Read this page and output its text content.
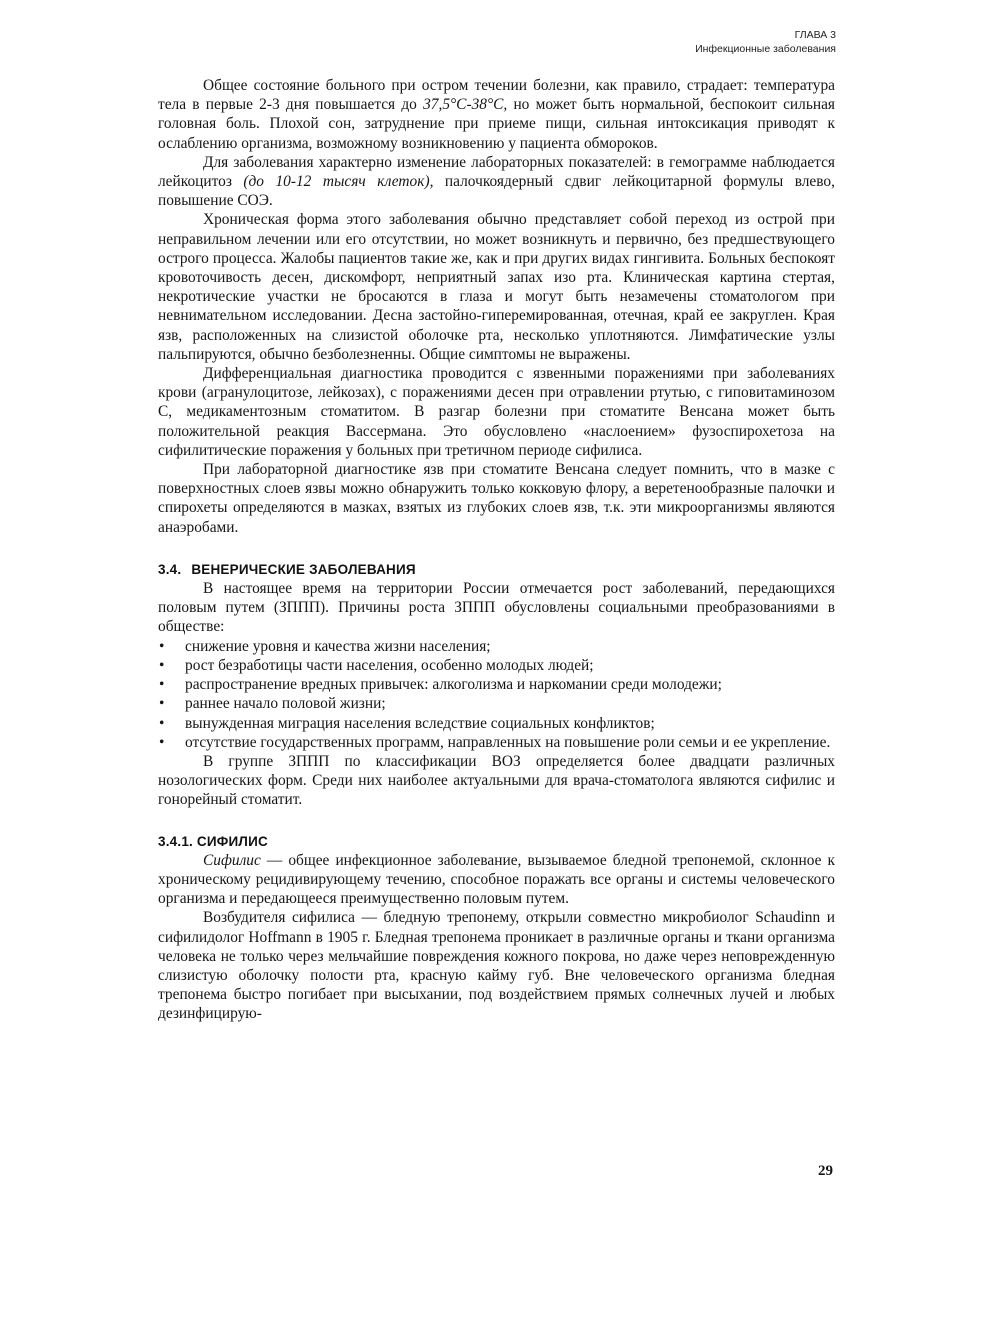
ГЛАВА 3
Инфекционные заболевания

Общее состояние больного при остром течении болезни, как правило, страдает: температура тела в первые 2-3 дня повышается до 37,5°С-38°С, но может быть нормальной, беспокоит сильная головная боль. Плохой сон, затруднение при приеме пищи, сильная интоксикация приводят к ослаблению организма, возможному возникновению у пациента обмороков.

Для заболевания характерно изменение лабораторных показателей: в гемограмме наблюдается лейкоцитоз (до 10-12 тысяч клеток), палочкоядерный сдвиг лейкоцитарной формулы влево, повышение СОЭ.

Хроническая форма этого заболевания обычно представляет собой переход из острой при неправильном лечении или его отсутствии, но может возникнуть и первично, без предшествующего острого процесса. Жалобы пациентов такие же, как и при других видах гингивита. Больных беспокоят кровоточивость десен, дискомфорт, неприятный запах изо рта. Клиническая картина стертая, некротические участки не бросаются в глаза и могут быть незамечены стоматологом при невнимательном исследовании. Десна застойно-гиперемированная, отечная, край ее закруглен. Края язв, расположенных на слизистой оболочке рта, несколько уплотняются. Лимфатические узлы пальпируются, обычно безболезненны. Общие симптомы не выражены.

Дифференциальная диагностика проводится с язвенными поражениями при заболеваниях крови (агранулоцитозе, лейкозах), с поражениями десен при отравлении ртутью, с гиповитаминозом С, медикаментозным стоматитом. В разгар болезни при стоматите Венсана может быть положительной реакция Вассермана. Это обусловлено «наслоением» фузоспирохетоза на сифилитические поражения у больных при третичном периоде сифилиса.

При лабораторной диагностике язв при стоматите Венсана следует помнить, что в мазке с поверхностных слоев язвы можно обнаружить только кокковую флору, а веретенообразные палочки и спирохеты определяются в мазках, взятых из глубоких слоев язв, т.к. эти микроорганизмы являются анаэробами.

3.4. ВЕНЕРИЧЕСКИЕ ЗАБОЛЕВАНИЯ

В настоящее время на территории России отмечается рост заболеваний, передающихся половым путем (ЗППП). Причины роста ЗППП обусловлены социальными преобразованиями в обществе:

• снижение уровня и качества жизни населения;
• рост безработицы части населения, особенно молодых людей;
• распространение вредных привычек: алкоголизма и наркомании среди молодежи;
• раннее начало половой жизни;
• вынужденная миграция населения вследствие социальных конфликтов;
• отсутствие государственных программ, направленных на повышение роли семьи и ее укрепление.

В группе ЗППП по классификации ВОЗ определяется более двадцати различных нозологических форм. Среди них наиболее актуальными для врача-стоматолога являются сифилис и гонорейный стоматит.

3.4.1. СИФИЛИС

Сифилис — общее инфекционное заболевание, вызываемое бледной трепонемой, склонное к хроническому рецидивирующему течению, способное поражать все органы и системы человеческого организма и передающееся преимущественно половым путем.

Возбудителя сифилиса — бледную трепонему, открыли совместно микробиолог Schaudinn и сифилидолог Hoffmann в 1905 г. Бледная трепонема проникает в различные органы и ткани организма человека не только через мельчайшие повреждения кожного покрова, но даже через неповрежденную слизистую оболочку полости рта, красную кайму губ. Вне человеческого организма бледная трепонема быстро погибает при высыхании, под воздействием прямых солнечных лучей и любых дезинфицирую-

29
